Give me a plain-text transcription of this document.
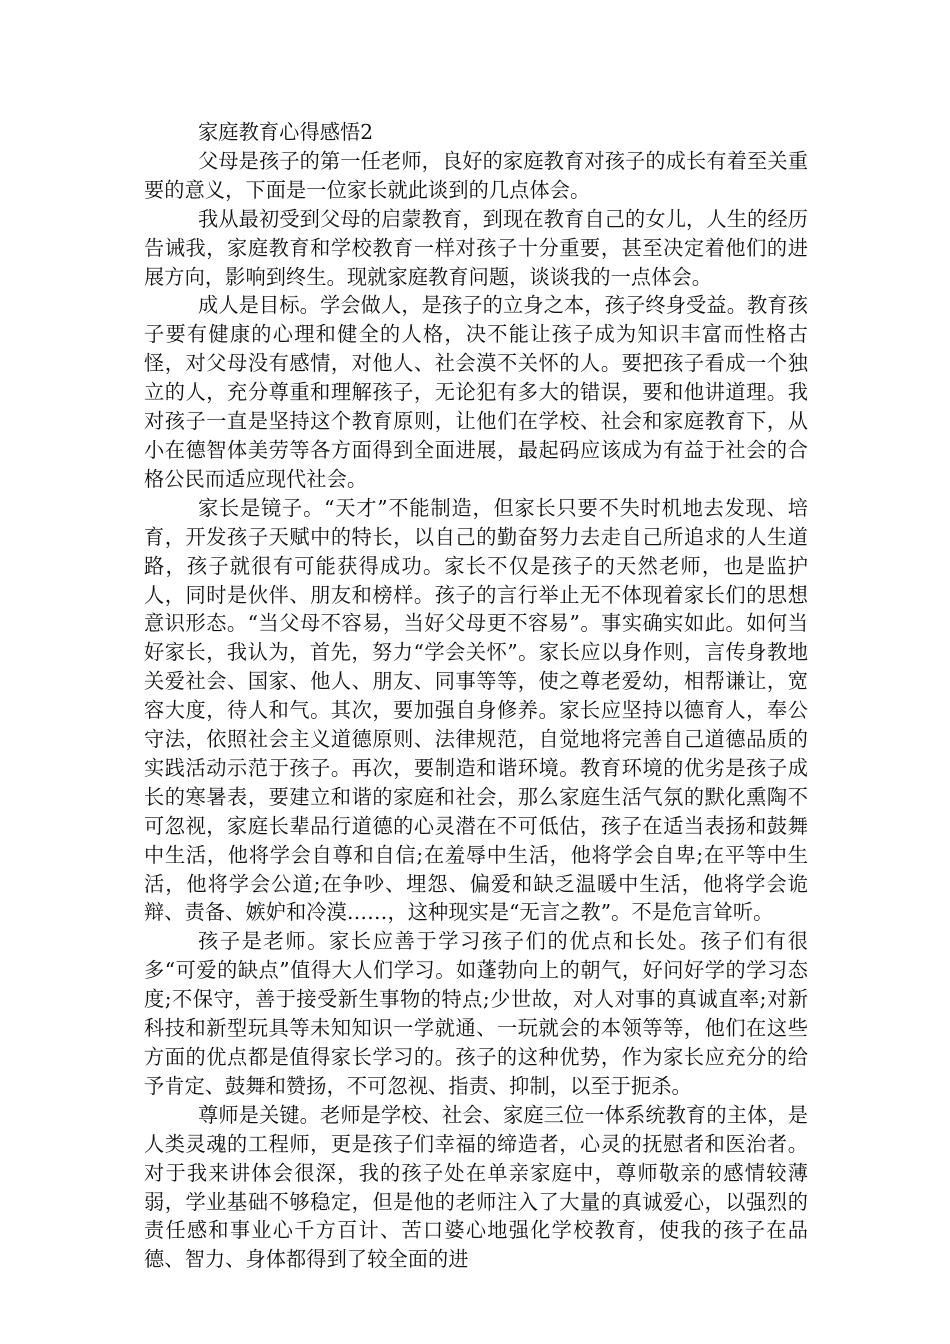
家庭教育心得感悟2

父母是孩子的第一任老师，良好的家庭教育对孩子的成长有着至关重要的意义，下面是一位家长就此谈到的几点体会。

我从最初受到父母的启蒙教育，到现在教育自己的女儿，人生的经历告诫我，家庭教育和学校教育一样对孩子十分重要，甚至决定着他们的进展方向，影响到终生。现就家庭教育问题，谈谈我的一点体会。

成人是目标。学会做人，是孩子的立身之本，孩子终身受益。教育孩子要有健康的心理和健全的人格，决不能让孩子成为知识丰富而性格古怪，对父母没有感情，对他人、社会漠不关怀的人。要把孩子看成一个独立的人，充分尊重和理解孩子，无论犯有多大的错误，要和他讲道理。我对孩子一直是坚持这个教育原则，让他们在学校、社会和家庭教育下，从小在德智体美劳等各方面得到全面进展，最起码应该成为有益于社会的合格公民而适应现代社会。

家长是镜子。“天才”不能制造，但家长只要不失时机地去发现、培育，开发孩子天赋中的特长，以自己的勤奋努力去走自己所追求的人生道路，孩子就很有可能获得成功。家长不仅是孩子的天然老师，也是监护人，同时是伙伴、朋友和榜样。孩子的言行举止无不体现着家长们的思想意识形态。“当父母不容易，当好父母更不容易”。事实确实如此。如何当好家长，我认为，首先，努力“学会关怀”。家长应以身作则，言传身教地关爱社会、国家、他人、朋友、同事等等，使之尊老爱幼，相帮谦让，宽容大度，待人和气。其次，要加强自身修养。家长应坚持以德育人，奉公守法，依照社会主义道德原则、法律规范，自觉地将完善自己道德品质的实践活动示范于孩子。再次，要制造和谐环境。教育环境的优劣是孩子成长的寒暑表，要建立和谐的家庭和社会，那么家庭生活气氛的默化熏陶不可忽视，家庭长辈品行道德的心灵潜在不可低估，孩子在适当表扬和鼓舞中生活，他将学会自尊和自信;在羞辱中生活，他将学会自卑;在平等中生活，他将学会公道;在争吵、埋怨、偏爱和缺乏温暖中生活，他将学会诡辩、责备、嫉妒和冷漠……，这种现实是“无言之教”。不是危言耸听。

孩子是老师。家长应善于学习孩子们的优点和长处。孩子们有很多“可爱的缺点”值得大人们学习。如蓬勃向上的朝气，好问好学的学习态度;不保守，善于接受新生事物的特点;少世故，对人对事的真诚直率;对新科技和新型玩具等未知知识一学就通、一玩就会的本领等等，他们在这些方面的优点都是值得家长学习的。孩子的这种优势，作为家长应充分的给予肯定、鼓舞和赞扬，不可忽视、指责、抑制，以至于扼杀。

尊师是关键。老师是学校、社会、家庭三位一体系统教育的主体，是人类灵魂的工程师，更是孩子们幸福的缔造者，心灵的抚慰者和医治者。对于我来讲体会很深，我的孩子处在单亲家庭中，尊师敬亲的感情较薄弱，学业基础不够稳定，但是他的老师注入了大量的真诚爱心，以强烈的责任感和事业心千方百计、苦口婆心地强化学校教育，使我的孩子在品德、智力、身体都得到了较全面的进
